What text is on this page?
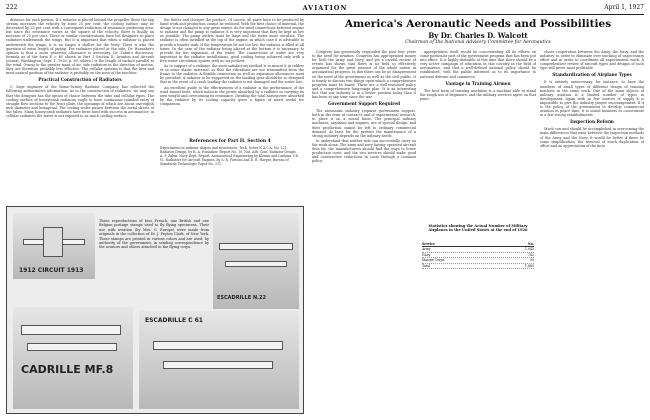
222	AVIATION	April 1, 1927

distance for each portion. If a radiator is placed behind the propeller there the slip stream increases the velocity by some 25 per cent. the cooling surface may be decreased by 25 per cent with a consequent reduction of resistance producing area, but since the resistance varies as the square of the velocity, there is finally an increase of 25 per cent. These or similar considerations have led designers to place radiators underneath the wings. But it is important that when a radiator is placed underneath the wings, it is no longer a shelter for the body. There is also the question of extra length of piping. For radiators placed at the side, Dr. Hunsaker's opinion is that a more generous allowance is necessary. Dr. Zahm's discussion, formula as of the form E = kV shown in Part 1 Section II, Aviation and Aircraft Journal, Washington, Sept. 1, 1926, p. 89, where l is the length of surface parallel to the wind. Owing to the greater mass of air, side radiators in the direction of motion, they are therefore probably less effective. The cellular systems is that the best and most natural position of the radiator is probably on the nose of the machine.

Practical Construction of Radiators

C. Sage engineer of the Rome-Turney Radiator Company, has collected the following authoritative information: As to the construction of radiators, we may say that the designer has the option of choice between the tube and cellular types. The cooling surface of honeycomb radiators ought to have continuous rounded entry of straight flow sections to the front plate, the openings of which are about one-eighth inch diameter and hexagonal. The cooling water passes between the metal sheets of the tubes. Many honeycomb radiators have been used with success in aeronautics; in cellular radiators the water is not exposed to as much cooling surface.

the better and cheaper the product. Of course, all parts have to be produced by hand work and production cannot be reduced. With the best choice of material, the design is not changed to any great extent. As for wind connections between engine to radiator and the pump to radiator, it is very important that they be kept as low as possible. The pump outlets must be large and the water must circulate. The radiator is often installed at the top of the engine, in which case it is advisable to provide a header tank. If the temperature be not too low, the radiator is filled at all times. In the case of the radiator being placed at the bottom it is necessary to provide for the expansion of the water. The connections of water are very important in the radiator installations, good cooling being achieved only with a free water circulation system with no air pockets.

As to support of a radiator, the most satisfactory method is to mount it in rubber or in some elastic material, so that the vibrations are not transmitted from the frame to the radiator. A flexible connection as well as expansion allowances must be provided. A radiator to be supported on the landing gear should be so designed that in the event of a crash landing the radiator is not damaged and the water lost.

An excellent guide to the effectiveness of a radiator is the performance of the wind tunnel tests, which indicate the power absorbed by a radiator in carrying its own weight and overcoming its resistance. Dividing the total horsepower absorbed by the radiator by its cooling capacity gives a figure of merit useful for comparison.

References for Part II. Section 4
Experiments in radiator shapes and resistances, Tech. Notes N.A.C.A. No. 121. Radiator Design, by R. A. Hunsaker. Report No. 10, Nat. Adv. Com. Radiator Design. A. F. Zahm. Navy Dept. Report. Aeronautical Engineering by Klemin and Lanham, Ch. VI. Radiators for Aircraft Engines, by S. R. Parsons and D. R. Harper, Bureau of Standards Technologic Paper No. 211.
1912 CIRCUIT 1913
These reproductions of four French, one British and one Belgian postage stamps used to fly flying specimens. Their use with aviation (by Mrs. G. Europe) were made from originals in the collection of Dr. J. Peyton Clark, of New York. These stamps are printed in various colors and are used, by authority of the government, in sending correspondence by the aviators and others attached to the flying corps.
CADRILLE MF.8
ESCADRILLE N.22
ESCADRILLE C 61
America's Aeronautic Needs and Possibilities
By Dr. Charles D. Walcott
Chairman of the National Advisory Committee for Aeronautics

Congress has generously responded the past four years to the need for aviation. Congress has appropriated money for both the Army and Navy, and yet a careful review of events has shown that there is no field so effectively organized for the great interest of the whole nation in aeronautical progress. In this there can be no disagreement on the need of the government as well as the civil public. It is timely to discuss two things upon which a comprehensive program must be based. These are a well-reasoned policy and a comprehensive long-range plan. It is an interesting fact that our industry is in a better position today than it has been at any time since the war.

Government Support Required

The aeronautic industry requires government support, both in the form of contracts and of experimental research, to place it on a sound basis. The principal military machines, airplanes and engines, are of special design, and their production cannot be left to ordinary commercial demand. At least for the present the maintenance of a strong industry depends on the military needs.

to understand that neither side can successfully carry on the work alone. The army and navy having operated aircraft thus far, the manufacturers should find the ways to lower production costs, and the two services should make good and constructive reductions in costs through a common policy.

appropriation itself would be concentrating all its efforts on some particular part of the government program that has been put into effect. It is highly desirable at this time that there should be a very active campaign of education in this country in the field of aeronautics, and that a well-defined national policy should be established, with the public informed as to its importance to national defense and commerce.

Vantage in Training Airmen

The best form of training machines is a machine able to stand the rough use of beginners, and the military services agree on that point.

Statistics showing the Actual Number of Military Airplanes in the United States at the end of 1926
Service	No.
Army	1,043
Navy	742
Marine Corps	95
Total	1,880

closer cooperation between the Army, the Navy, and the industry, in order to eliminate over-stocking of unnecessary effort and in order to coordinate all experimental work. A comprehensive review of aircraft types and designs of each type will prove most profitable.

Standardization of Airplane Types

It is entirely unnecessary, for instance, to have the numbers of small types of different design of training machine in the same work. One of the main objects of military aviation is a limited number of types in development. Again with so few sources of supply it is impossible to give the industry proper encouragement. If it is the policy of the government to develop commercial aviation in peace time, it is sound business to concentrate in a few strong establishments.

Inspection Reform

Much can and should be accomplished in overcoming the main differences that exist between the inspection methods of the Army and the Navy. It would be better if there be some simplification, the removal of much duplication of effort and an appreciation of the facts.
